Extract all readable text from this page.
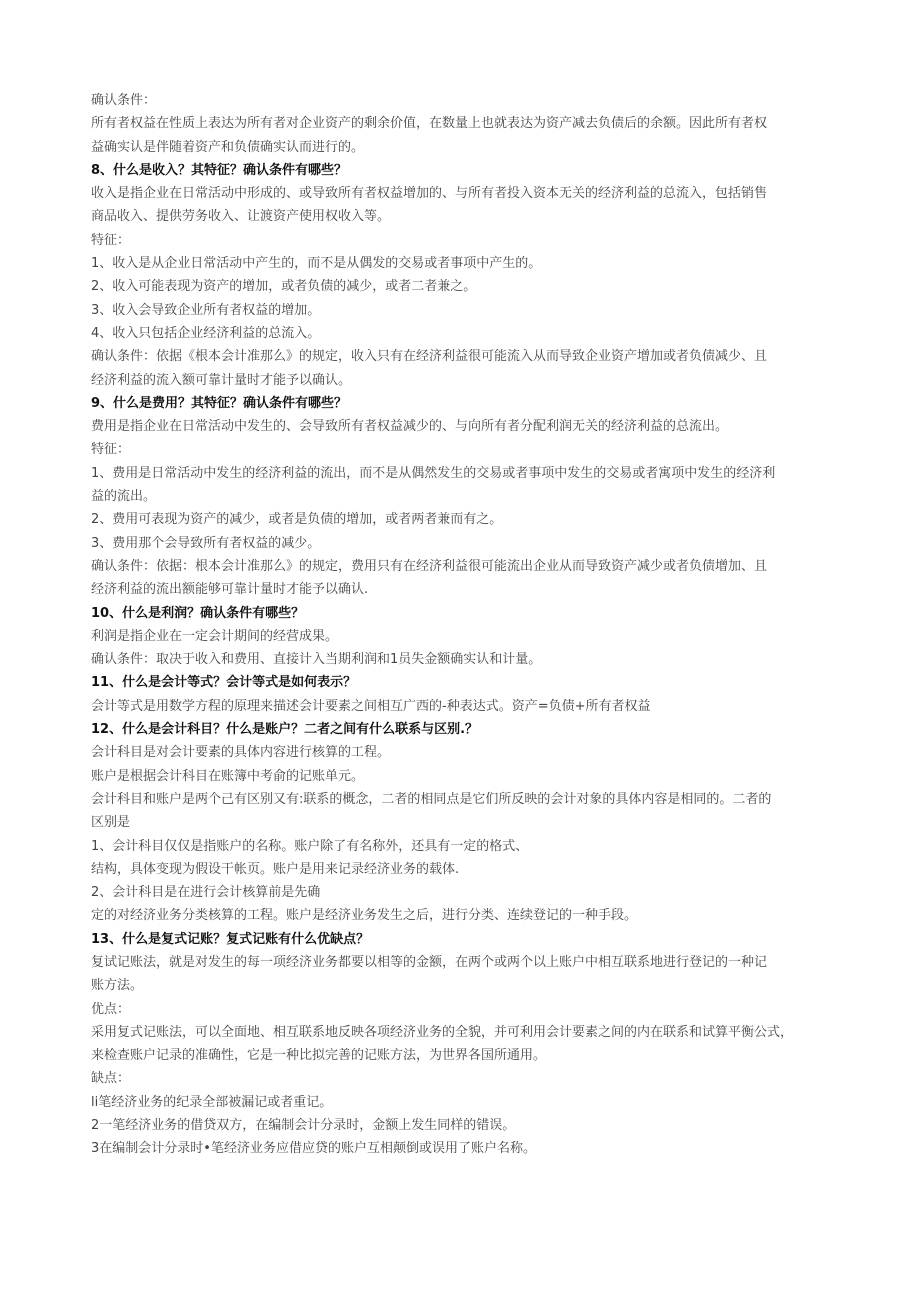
确认条件：

所有者权益在性质上表达为所有者对企业资产的剩余价值，在数量上也就表达为资产减去负债后的余额。因此所有者权

益确实认是伴随着资产和负债确实认而进行的。

8、什么是收入？其特征？确认条件有哪些？

收入是指企业在日常活动中形成的、或导致所有者权益增加的、与所有者投入资本无关的经济利益的总流入，包括销售

商品收入、提供劳务收入、让渡资产使用权收入等。

特征：

1、收入是从企业日常活动中产生的，而不是从偶发的交易或者事项中产生的。

2、收入可能表现为资产的增加，或者负债的减少，或者二者兼之。

3、收入会导致企业所有者权益的增加。

4、收入只包括企业经济利益的总流入。

确认条件：依据《根本会计准那么》的规定，收入只有在经济利益很可能流入从而导致企业资产增加或者负债减少、且

经济利益的流入额可靠计量时才能予以确认。

9、什么是费用？其特征？确认条件有哪些？

费用是指企业在日常活动中发生的、会导致所有者权益减少的、与向所有者分配利润无关的经济利益的总流出。

特征：

1、费用是日常活动中发生的经济利益的流出，而不是从偶然发生的交易或者事项中发生的交易或者寓项中发生的经济利

益的流出。

2、费用可表现为资产的减少，或者是负债的增加，或者两者兼而有之。

3、费用那个会导致所有者权益的减少。

确认条件：依据：根本会计准那么》的规定，费用只有在经济利益很可能流出企业从而导致资产减少或者负债增加、且

经济利益的流出额能够可靠计量时才能予以确认.

10、什么是利润？确认条件有哪些？

利润是指企业在一定会计期间的经营成果。

确认条件：取决于收入和费用、直接计入当期利润和1员失金额确实认和计量。

11、什么是会计等式？会计等式是如何表示？

会计等式是用数学方程的原理来描述会计要素之间相互广西的-种表达式。资产=负债+所有者权益

12、什么是会计科目？什么是账户？二者之间有什么联系与区别.？

会计科目是对会计要素的具体内容进行核算的工程。

账户是根据会计科目在账簿中考俞的记账单元。

会计科目和账户是两个己有区别又有:联系的概念，二者的相同点是它们所反映的会计对象的具体内容是相同的。二者的

区别是

1、会计科目仅仅是指账户的名称。账户除了有名称外，还具有一定的格式、

结构，具体变现为假设干帐页。账户是用来记录经济业务的载体.

2、会计科目是在进行会计核算前是先确

定的对经济业务分类核算的工程。账户是经济业务发生之后，进行分类、连续登记的一种手段。

13、什么是复式记账？复式记账有什么优缺点？

复试记账法，就是对发生的每一项经济业务都要以相等的金额，在两个或两个以上账户中相互联系地进行登记的一种记

账方法。

优点：

采用复式记账法，可以全面地、相互联系地反映各项经济业务的全貌，并可利用会计要素之间的内在联系和试算平衡公式，

来检查账户记录的准确性，它是一种比拟完善的记账方法，为世界各国所通用。

缺点：

li笔经济业务的纪录全部被漏记或者重记。

2一笔经济业务的借贷双方，在编制会计分录时，金额上发生同样的错误。

3在编制会计分录时•笔经济业务应借应贷的账户互相颠倒或误用了账户名称。
